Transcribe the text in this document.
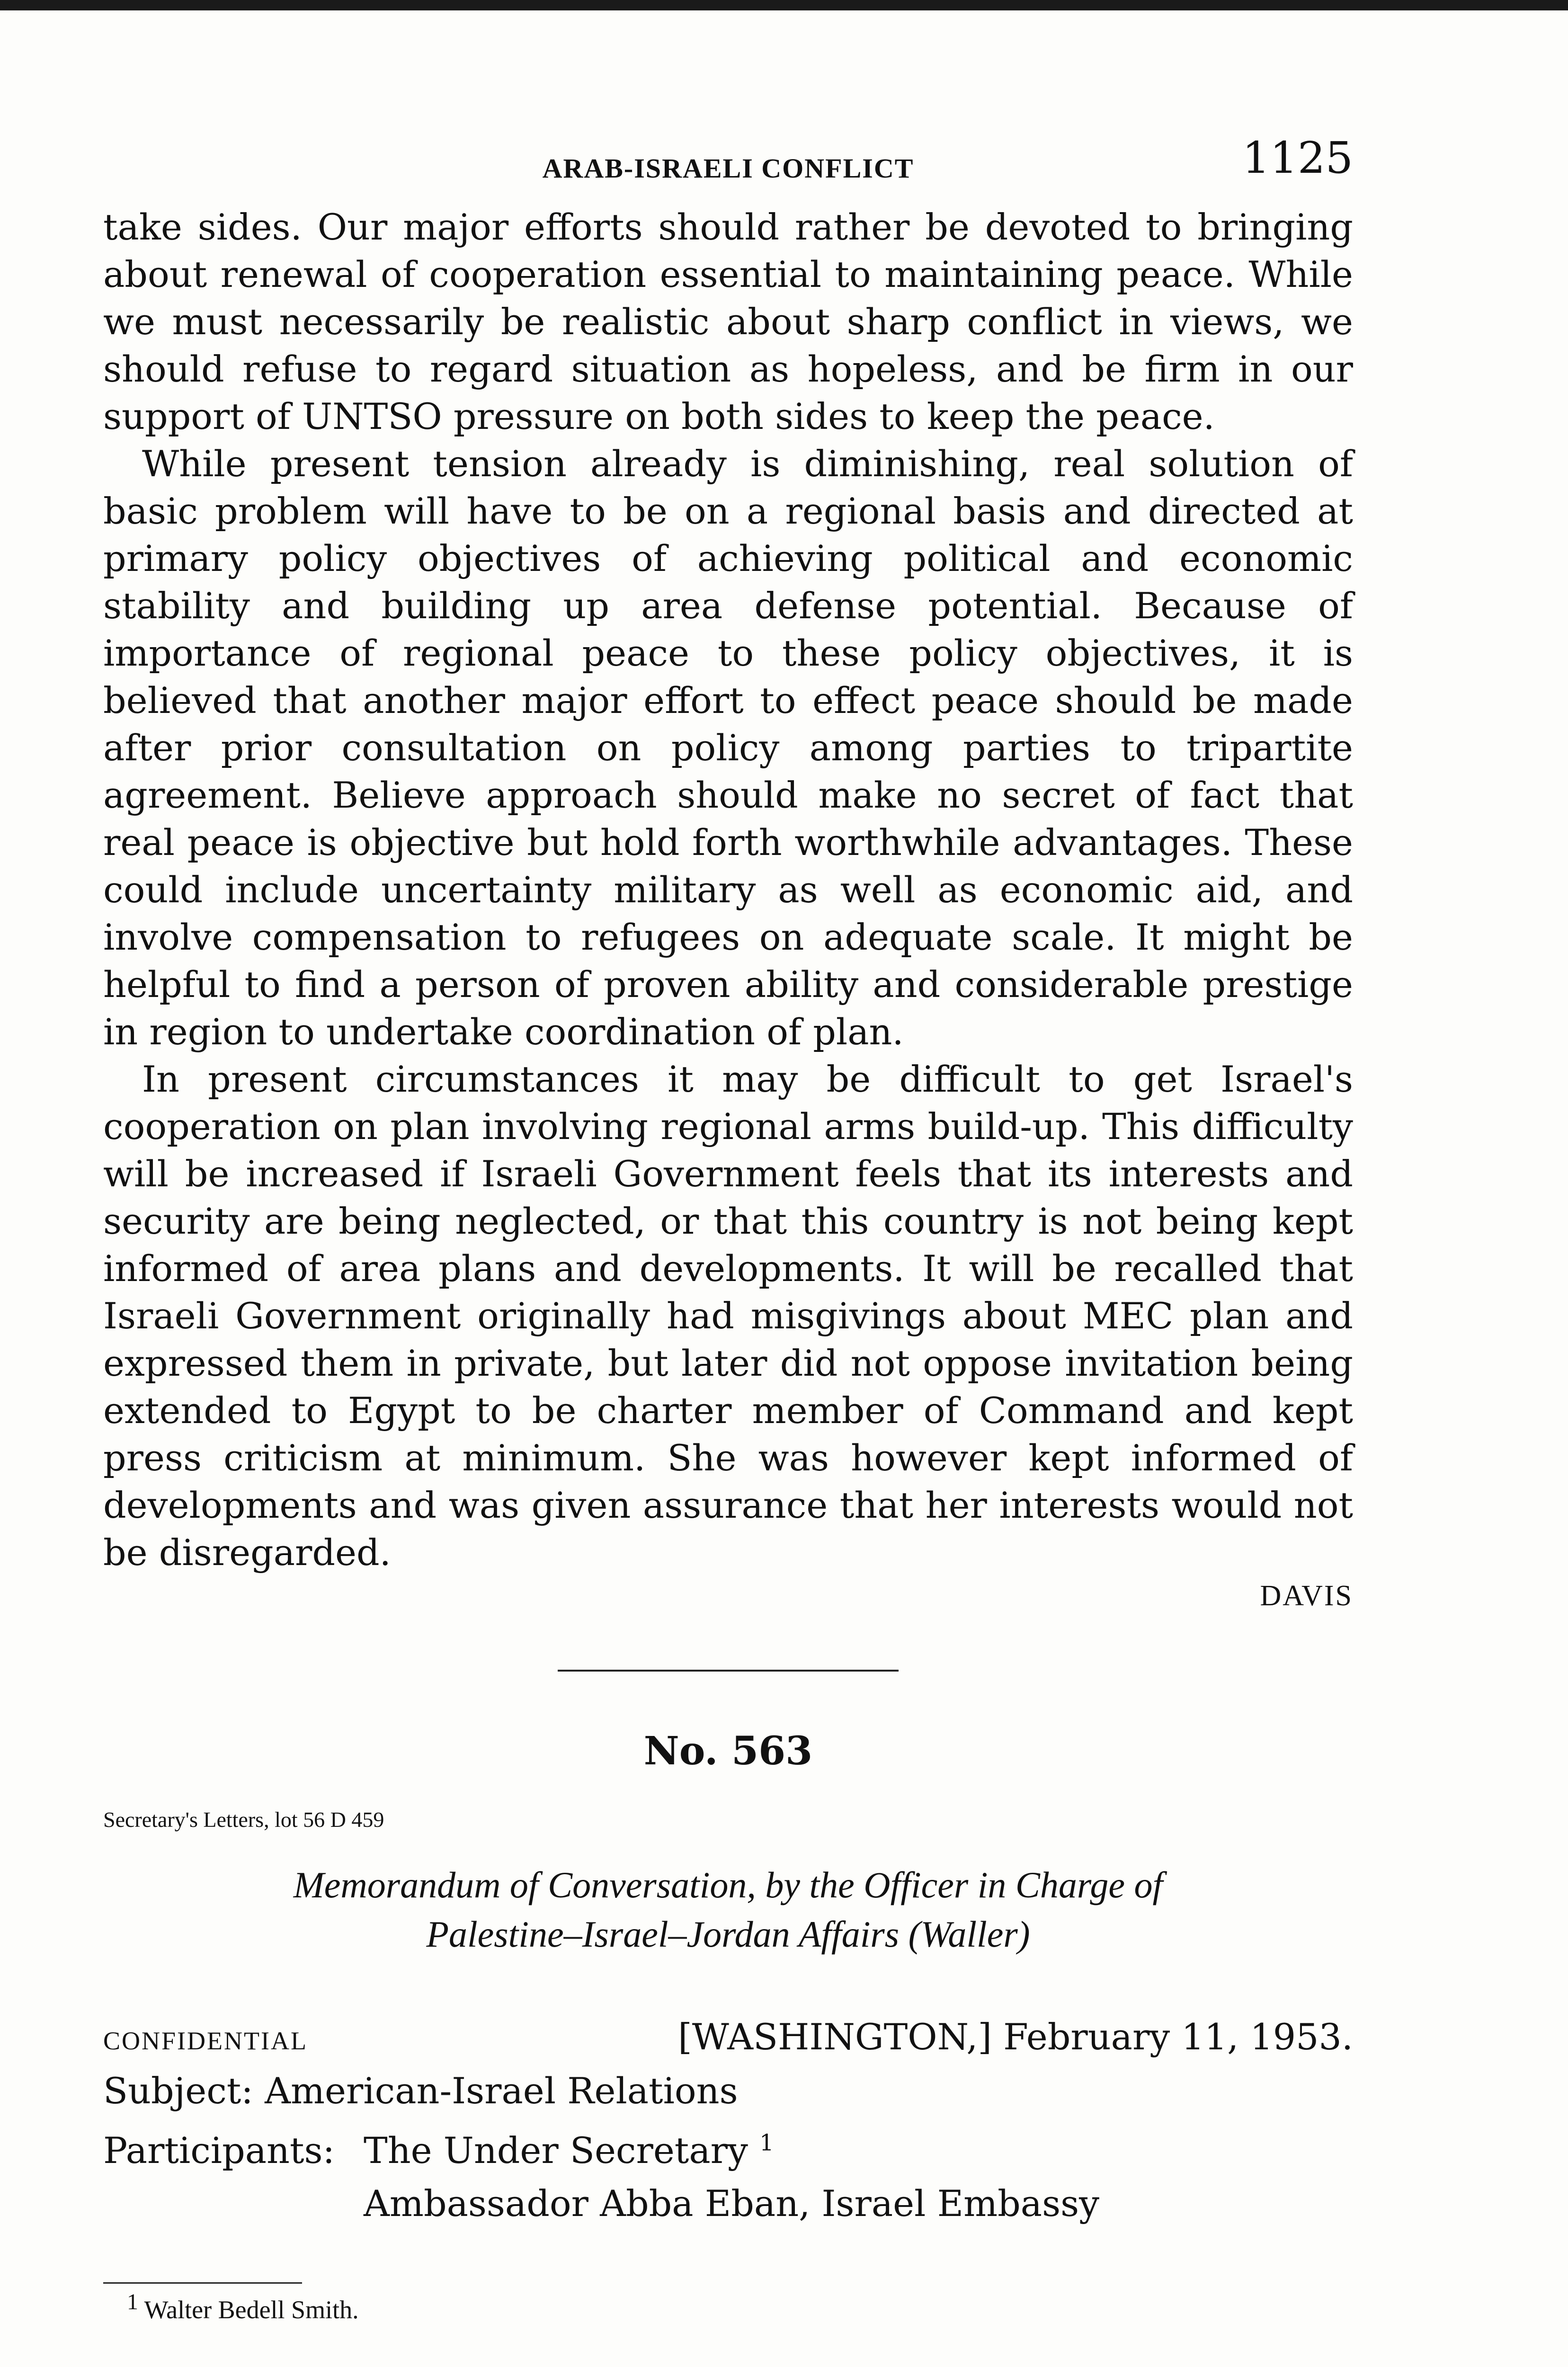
ARAB-ISRAELI CONFLICT	1125

take sides. Our major efforts should rather be devoted to bringing about renewal of cooperation essential to maintaining peace. While we must necessarily be realistic about sharp conflict in views, we should refuse to regard situation as hopeless, and be firm in our support of UNTSO pressure on both sides to keep the peace.

While present tension already is diminishing, real solution of basic problem will have to be on a regional basis and directed at primary policy objectives of achieving political and economic stability and building up area defense potential. Because of importance of regional peace to these policy objectives, it is believed that another major effort to effect peace should be made after prior consultation on policy among parties to tripartite agreement. Believe approach should make no secret of fact that real peace is objective but hold forth worthwhile advantages. These could include uncertainty military as well as economic aid, and involve compensation to refugees on adequate scale. It might be helpful to find a person of proven ability and considerable prestige in region to undertake coordination of plan.

In present circumstances it may be difficult to get Israel's cooperation on plan involving regional arms build-up. This difficulty will be increased if Israeli Government feels that its interests and security are being neglected, or that this country is not being kept informed of area plans and developments. It will be recalled that Israeli Government originally had misgivings about MEC plan and expressed them in private, but later did not oppose invitation being extended to Egypt to be charter member of Command and kept press criticism at minimum. She was however kept informed of developments and was given assurance that her interests would not be disregarded.

DAVIS
No. 563
Secretary's Letters, lot 56 D 459
Memorandum of Conversation, by the Officer in Charge of
Palestine–Israel–Jordan Affairs (Waller)
CONFIDENTIAL	[WASHINGTON,] February 11, 1953.
Subject: American-Israel Relations
Participants: The Under Secretary $^1$
Ambassador Abba Eban, Israel Embassy
$^1$ Walter Bedell Smith.
